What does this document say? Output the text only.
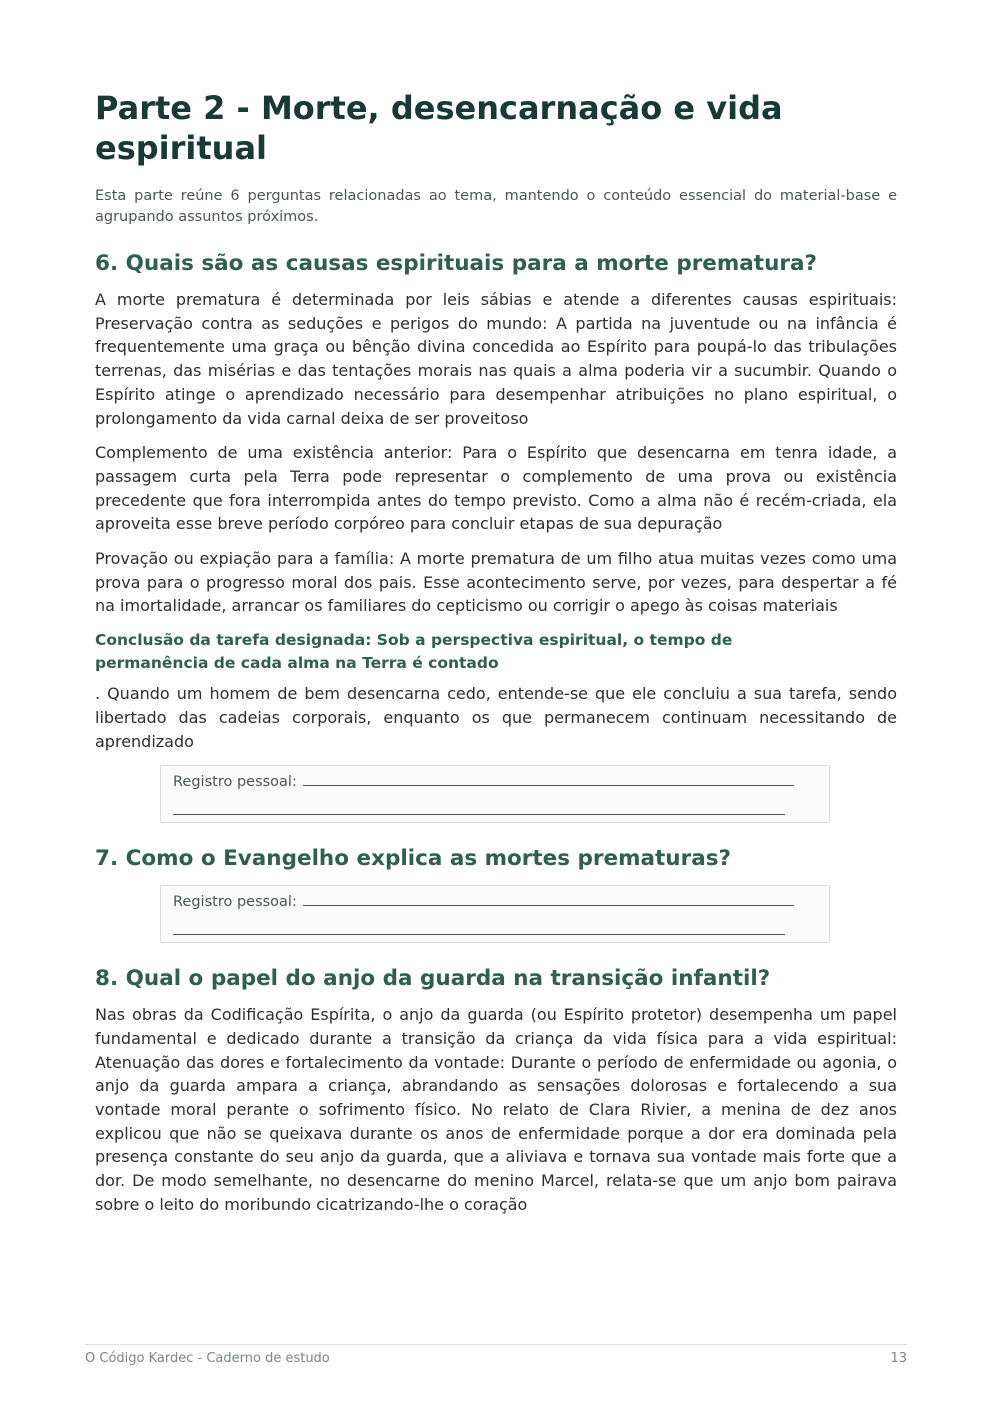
Parte 2 - Morte, desencarnação e vida espiritual

Esta parte reúne 6 perguntas relacionadas ao tema, mantendo o conteúdo essencial do material-base e agrupando assuntos próximos.

6. Quais são as causas espirituais para a morte prematura?

A morte prematura é determinada por leis sábias e atende a diferentes causas espirituais: Preservação contra as seduções e perigos do mundo: A partida na juventude ou na infância é frequentemente uma graça ou bênção divina concedida ao Espírito para poupá-lo das tribulações terrenas, das misérias e das tentações morais nas quais a alma poderia vir a sucumbir. Quando o Espírito atinge o aprendizado necessário para desempenhar atribuições no plano espiritual, o prolongamento da vida carnal deixa de ser proveitoso

Complemento de uma existência anterior: Para o Espírito que desencarna em tenra idade, a passagem curta pela Terra pode representar o complemento de uma prova ou existência precedente que fora interrompida antes do tempo previsto. Como a alma não é recém-criada, ela aproveita esse breve período corpóreo para concluir etapas de sua depuração

Provação ou expiação para a família: A morte prematura de um filho atua muitas vezes como uma prova para o progresso moral dos pais. Esse acontecimento serve, por vezes, para despertar a fé na imortalidade, arrancar os familiares do cepticismo ou corrigir o apego às coisas materiais

Conclusão da tarefa designada: Sob a perspectiva espiritual, o tempo de permanência de cada alma na Terra é contado

. Quando um homem de bem desencarna cedo, entende-se que ele concluiu a sua tarefa, sendo libertado das cadeias corporais, enquanto os que permanecem continuam necessitando de aprendizado

Registro pessoal:
7. Como o Evangelho explica as mortes prematuras?
Registro pessoal:
8. Qual o papel do anjo da guarda na transição infantil?

Nas obras da Codificação Espírita, o anjo da guarda (ou Espírito protetor) desempenha um papel fundamental e dedicado durante a transição da criança da vida física para a vida espiritual: Atenuação das dores e fortalecimento da vontade: Durante o período de enfermidade ou agonia, o anjo da guarda ampara a criança, abrandando as sensações dolorosas e fortalecendo a sua vontade moral perante o sofrimento físico. No relato de Clara Rivier, a menina de dez anos explicou que não se queixava durante os anos de enfermidade porque a dor era dominada pela presença constante do seu anjo da guarda, que a aliviava e tornava sua vontade mais forte que a dor. De modo semelhante, no desencarne do menino Marcel, relata-se que um anjo bom pairava sobre o leito do moribundo cicatrizando-lhe o coração

O Código Kardec - Caderno de estudo	13
